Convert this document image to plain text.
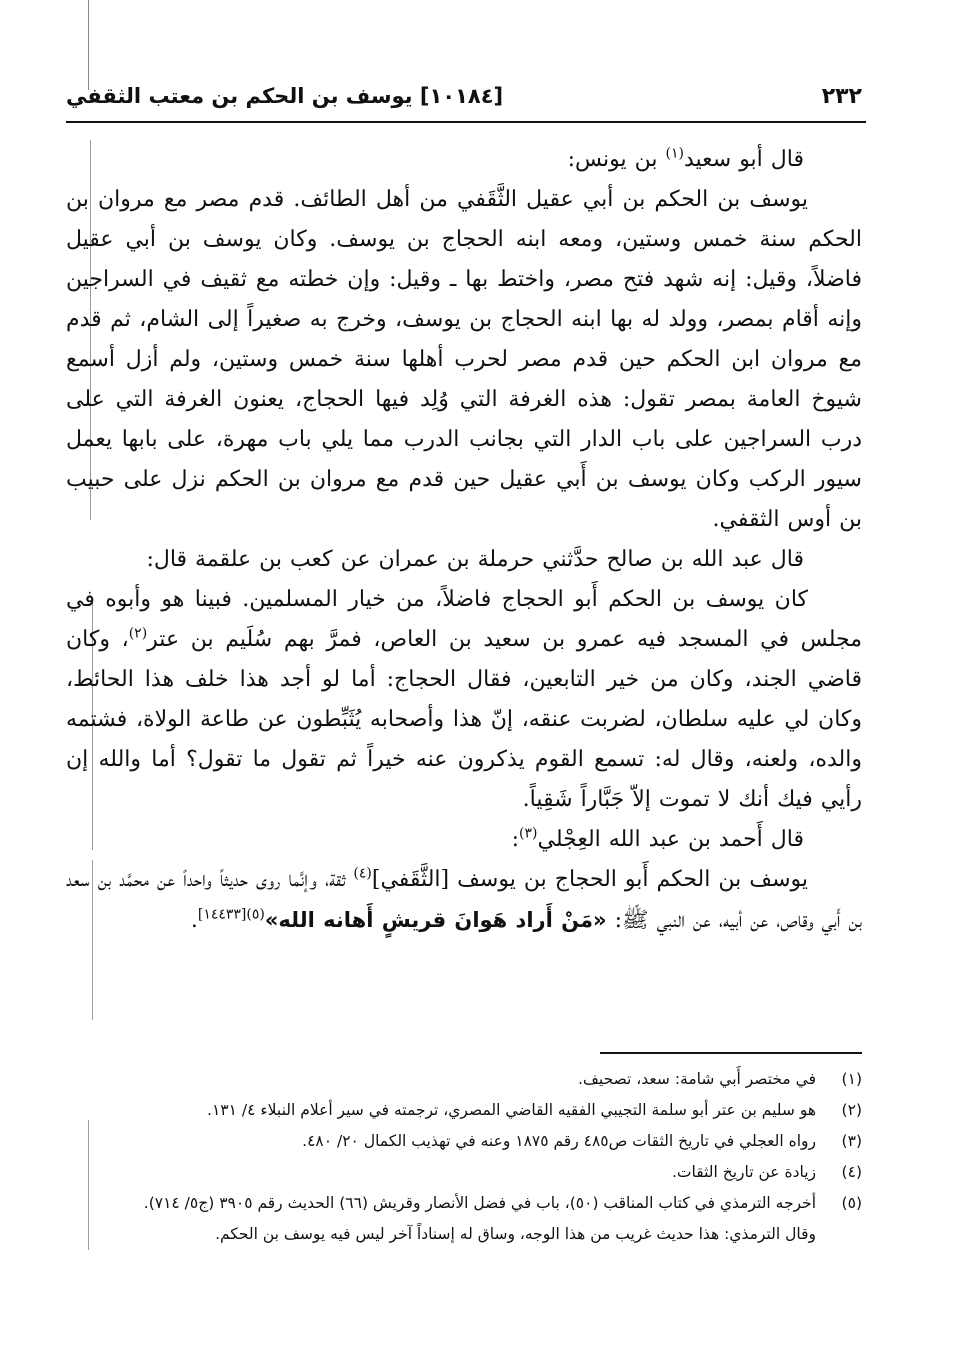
٢٣٢
[١٠١٨٤] يوسف بن الحكم بن معتب الثقفي

قال أبو سعيد$^{(١)}$ بن يونس:

يوسف بن الحكم بن أبي عقيل الثَّقَفي من أهل الطائف. قدم مصر مع مروان بن الحكم سنة خمس وستين، ومعه ابنه الحجاج بن يوسف. وكان يوسف بن أبي عقيل فاضلاً، وقيل: إنه شهد فتح مصر، واختط بها ـ وقيل: وإن خطته مع ثقيف في السراجين وإنه أقام بمصر، وولد له بها ابنه الحجاج بن يوسف، وخرج به صغيراً إلى الشام، ثم قدم مع مروان ابن الحكم حين قدم مصر لحرب أهلها سنة خمس وستين، ولم أزل أسمع شيوخ العامة بمصر تقول: هذه الغرفة التي وُلِد فيها الحجاج، يعنون الغرفة التي على درب السراجين على باب الدار التي بجانب الدرب مما يلي باب مهرة، على بابها يعمل سيور الركب وكان يوسف بن أَبي عقيل حين قدم مع مروان بن الحكم نزل على حبيب بن أوس الثقفي.

قال عبد الله بن صالح حدَّثني حرملة بن عمران عن كعب بن علقمة قال:

كان يوسف بن الحكم أَبو الحجاج فاضلاً، من خيار المسلمين. فبينا هو وأبوه في مجلس في المسجد فيه عمرو بن سعيد بن العاص، فمرَّ بهم سُلَيم بن عتر$^{(٢)}$، وكان قاضي الجند، وكان من خير التابعين، فقال الحجاج: أما لو أجد هذا خلف هذا الحائط، وكان لي عليه سلطان، لضربت عنقه، إنّ هذا وأصحابه يُثَبِّطون عن طاعة الولاة، فشتمه والده، ولعنه، وقال له: تسمع القوم يذكرون عنه خيراً ثم تقول ما تقول؟ أما والله إن رأيي فيك أنك لا تموت إلاّ جَبَّاراً شَقِياً.

قال أَحمد بن عبد الله العِجْلي$^{(٣)}$:

يوسف بن الحكم أَبو الحجاج بن يوسف [الثَّقَفي]$^{(٤)}$ ثقة، وإنَّما روى حديثاً واحداً عن محمَّد بن سعد بن أَبي وقاص، عن أبيه، عن النبي ﷺ: «مَنْ أَراد هَوانَ قريشٍ أَهانه الله»$^{(٥)[١٤٤٣٣]}$.

(١)
في مختصر أَبي شامة: سعد، تصحيف.
(٢)
هو سليم بن عتر أبو سلمة التجيبي الفقيه القاضي المصري، ترجمته في سير أعلام النبلاء ٤/ ١٣١.
(٣)
رواه العجلي في تاريخ الثقات ص٤٨٥ رقم ١٨٧٥ وعنه في تهذيب الكمال ٢٠/ ٤٨٠.
(٤)
زيادة عن تاريخ الثقات.
(٥)
أخرجه الترمذي في كتاب المناقب (٥٠)، باب في فضل الأنصار وقريش (٦٦) الحديث رقم ٣٩٠٥ (ج٥/ ٧١٤).
وقال الترمذي: هذا حديث غريب من هذا الوجه، وساق له إسناداً آخر ليس فيه يوسف بن الحكم.
